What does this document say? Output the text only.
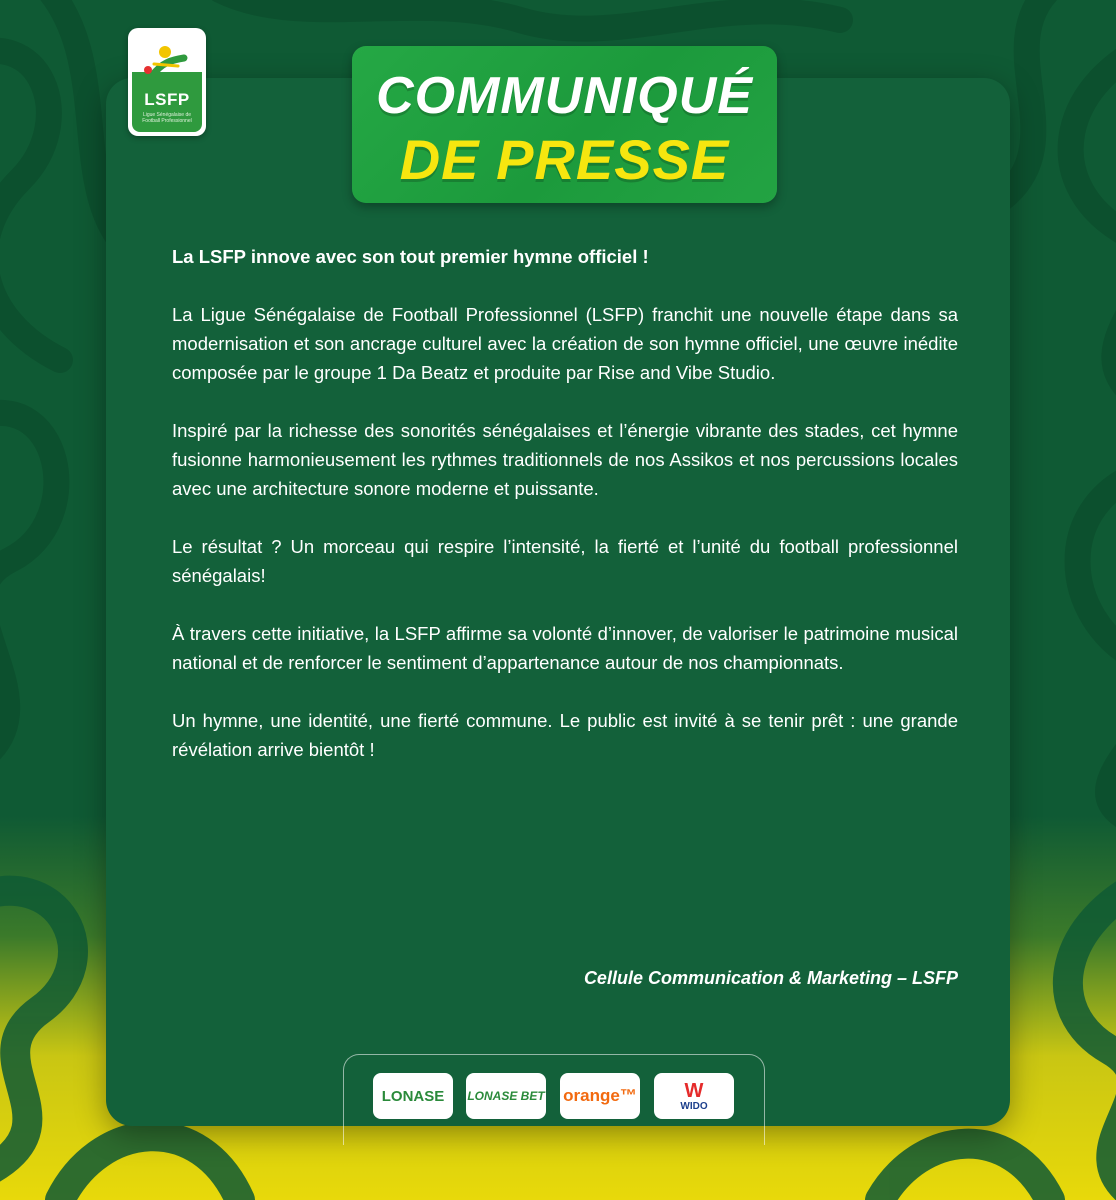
LSFP
Ligue Sénégalaise de Football Professionnel	COMMUNIQUÉ
DE PRESSE

La LSFP innove avec son tout premier hymne officiel !

La Ligue Sénégalaise de Football Professionnel (LSFP) franchit une nouvelle étape dans sa modernisation et son ancrage culturel avec la création de son hymne officiel, une œuvre inédite composée par le groupe 1 Da Beatz et produite par Rise and Vibe Studio.

Inspiré par la richesse des sonorités sénégalaises et l’énergie vibrante des stades, cet hymne fusionne harmonieusement les rythmes traditionnels de nos Assikos et nos percussions locales avec une architecture sonore moderne et puissante.

Le résultat ? Un morceau qui respire l’intensité, la fierté et l’unité du football professionnel sénégalais!

À travers cette initiative, la LSFP affirme sa volonté d’innover, de valoriser le patrimoine musical national et de renforcer le sentiment d’appartenance autour de nos championnats.

Un hymne, une identité, une fierté commune. Le public est invité à se tenir prêt : une grande révélation arrive bientôt !

Cellule Communication & Marketing – LSFP
LONASE LONASE BET orange™ W
WIDO
